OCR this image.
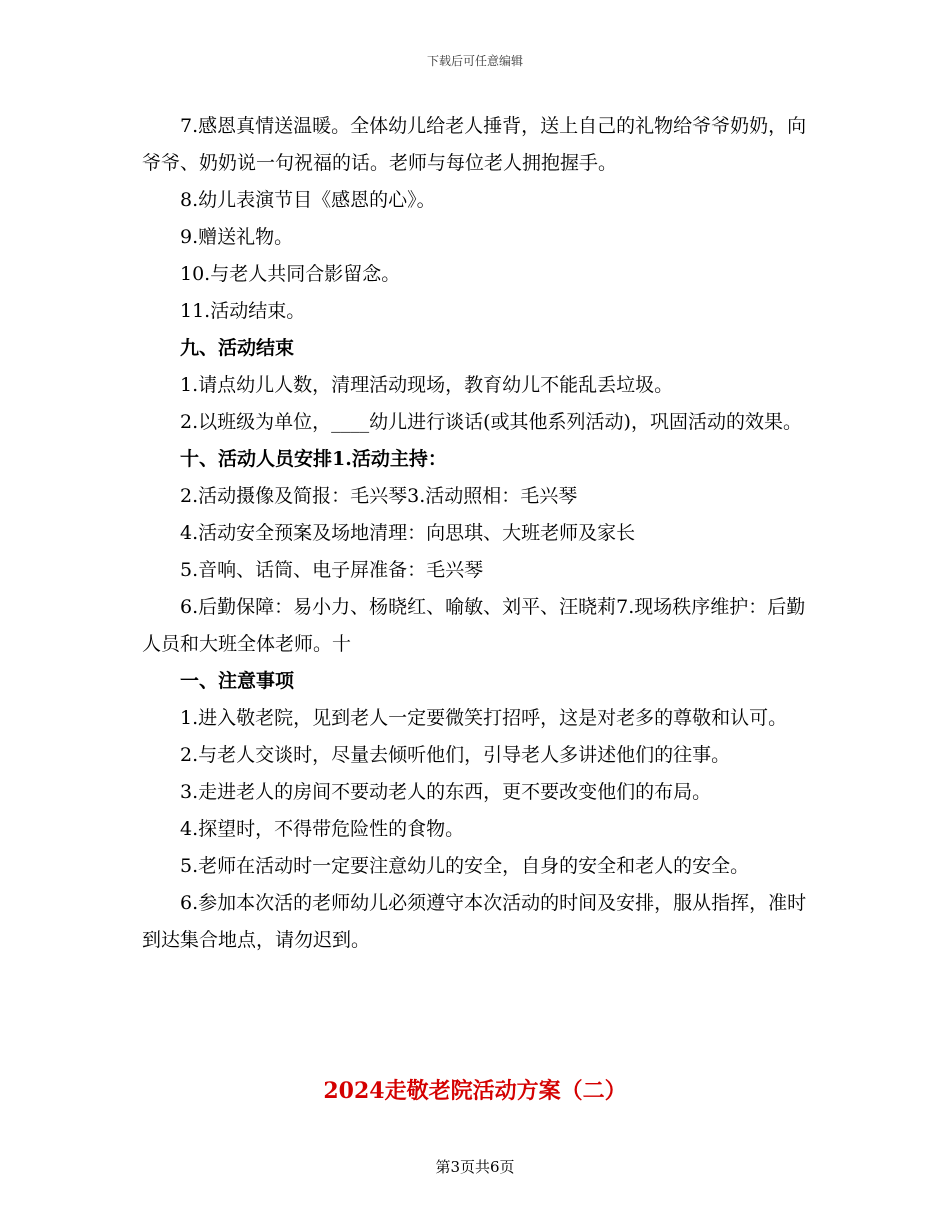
下载后可任意编辑

7.感恩真情送温暖。全体幼儿给老人捶背，送上自己的礼物给爷爷奶奶，向爷爷、奶奶说一句祝福的话。老师与每位老人拥抱握手。

8.幼儿表演节目《感恩的心》。

9.赠送礼物。

10.与老人共同合影留念。

11.活动结束。

九、活动结束

1.请点幼儿人数，清理活动现场，教育幼儿不能乱丢垃圾。

2.以班级为单位，____幼儿进行谈话(或其他系列活动)，巩固活动的效果。

十、活动人员安排1.活动主持：

2.活动摄像及简报：毛兴琴3.活动照相：毛兴琴

4.活动安全预案及场地清理：向思琪、大班老师及家长

5.音响、话筒、电子屏准备：毛兴琴

6.后勤保障：易小力、杨晓红、喻敏、刘平、汪晓莉7.现场秩序维护：后勤人员和大班全体老师。十

一、注意事项

1.进入敬老院，见到老人一定要微笑打招呼，这是对老多的尊敬和认可。

2.与老人交谈时，尽量去倾听他们，引导老人多讲述他们的往事。

3.走进老人的房间不要动老人的东西，更不要改变他们的布局。

4.探望时，不得带危险性的食物。

5.老师在活动时一定要注意幼儿的安全，自身的安全和老人的安全。

6.参加本次活的老师幼儿必须遵守本次活动的时间及安排，服从指挥，准时到达集合地点，请勿迟到。

2024走敬老院活动方案（二）
第3页共6页
